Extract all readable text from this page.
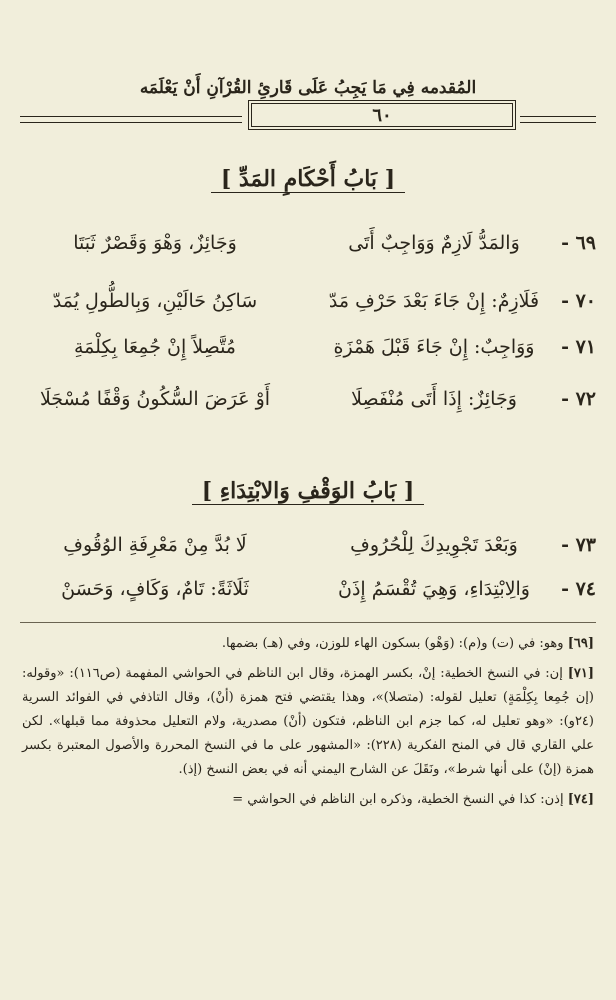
المُقدمه فِي مَا يَجِبُ عَلَى قَارئِ القُرْآنِ أَنْ يَعْلَمَه
٦٠
[ بَابُ أَحْكَامِ المَدِّ ]
٦٩ -
وَالمَدُّ لَازِمٌ وَوَاجِبٌ أَتَى
وَجَائِزٌ، وَهْوَ وَقَصْرٌ ثَبَتَا
٧٠ -
فَلَازِمٌ: إِنْ جَاءَ بَعْدَ حَرْفِ مَدّ
سَاكِنُ حَالَيْنِ، وَبِالطُّولِ يُمَدّ
٧١ -
وَوَاجِبٌ: إِنْ جَاءَ قَبْلَ هَمْزَةِ
مُتَّصِلاً إِنْ جُمِعَا بِكِلْمَةِ
٧٢ -
وَجَائِزٌ: إِذَا أَتَى مُنْفَصِلَا
أَوْ عَرَضَ السُّكُونُ وَقْفًا مُسْجَلَا
[ بَابُ الوَقْفِ وَالابْتِدَاءِ ]
٧٣ -
وَبَعْدَ تَجْوِيدِكَ لِلْحُرُوفِ
لَا بُدَّ مِنْ مَعْرِفَةِ الوُقُوفِ
٧٤ -
وَالِابْتِدَاءِ، وَهِيَ تُقْسَمُ إِذَنْ
ثَلَاثَةً: تَامٌ، وَكَافٍ، وَحَسَنْ

[٦٩] وهو: في (ت) و(م): (وَهْو) بسكون الهاء للوزن، وفي (هـ) بضمها.

[٧١] إن: في النسخ الخطية: إنْ، بكسر الهمزة، وقال ابن الناظم في الحواشي المفهمة (ص١١٦): «وقوله: (إن جُمِعا بِكِلْمَةٍ) تعليل لقوله: (متصلا)»، وهذا يقتضي فتح همزة (أنْ)، وقال التاذفي في الفوائد السرية (٢٤و): «وهو تعليل له، كما جزم ابن الناظم، فتكون (أنْ) مصدرية، ولام التعليل محذوفة مما قبلها». لكن علي القاري قال في المنح الفكرية (٢٢٨): «المشهور على ما في النسخ المحررة والأصول المعتبرة بكسر همزة (إنْ) على أنها شرط»، ونَقَلَ عن الشارح اليمني أنه في بعض النسخ (إذ).

[٧٤] إذن: كذا في النسخ الخطية، وذكره ابن الناظم في الحواشي =
